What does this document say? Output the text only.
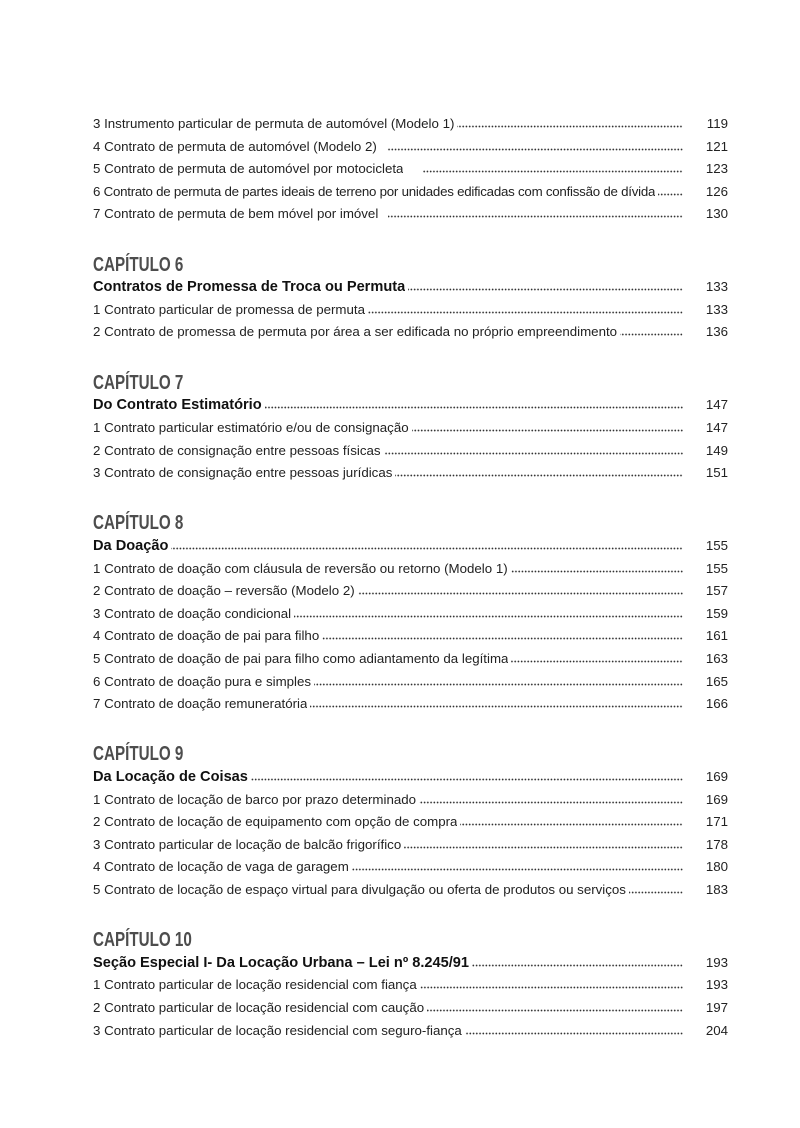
3 Instrumento particular de permuta de automóvel (Modelo 1)	119
4 Contrato de permuta de automóvel (Modelo 2)	121
5 Contrato de permuta de automóvel por motocicleta	123
6 Contrato de permuta de partes ideais de terreno por unidades edificadas com confissão de dívida	126
7 Contrato de permuta de bem móvel por imóvel	130
CAPÍTULO 6
Contratos de Promessa de Troca ou Permuta	133
1 Contrato particular de promessa de permuta	133
2 Contrato de promessa de permuta por área a ser edificada no próprio empreendimento	136
CAPÍTULO 7
Do Contrato Estimatório	147
1 Contrato particular estimatório e/ou de consignação	147
2 Contrato de consignação entre pessoas físicas	149
3 Contrato de consignação entre pessoas jurídicas	151
CAPÍTULO 8
Da Doação	155
1 Contrato de doação com cláusula de reversão ou retorno (Modelo 1)	155
2 Contrato de doação – reversão (Modelo 2)	157
3 Contrato de doação condicional	159
4 Contrato de doação de pai para filho	161
5 Contrato de doação de pai para filho como adiantamento da legítima	163
6 Contrato de doação pura e simples	165
7 Contrato de doação remuneratória	166
CAPÍTULO 9
Da Locação de Coisas	169
1 Contrato de locação de barco por prazo determinado	169
2 Contrato de locação de equipamento com opção de compra	171
3 Contrato particular de locação de balcão frigorífico	178
4 Contrato de locação de vaga de garagem	180
5 Contrato de locação de espaço virtual para divulgação ou oferta de produtos ou serviços	183
CAPÍTULO 10
Seção Especial I- Da Locação Urbana – Lei nº 8.245/91	193
1 Contrato particular de locação residencial com fiança	193
2 Contrato particular de locação residencial com caução	197
3 Contrato particular de locação residencial com seguro-fiança	204
